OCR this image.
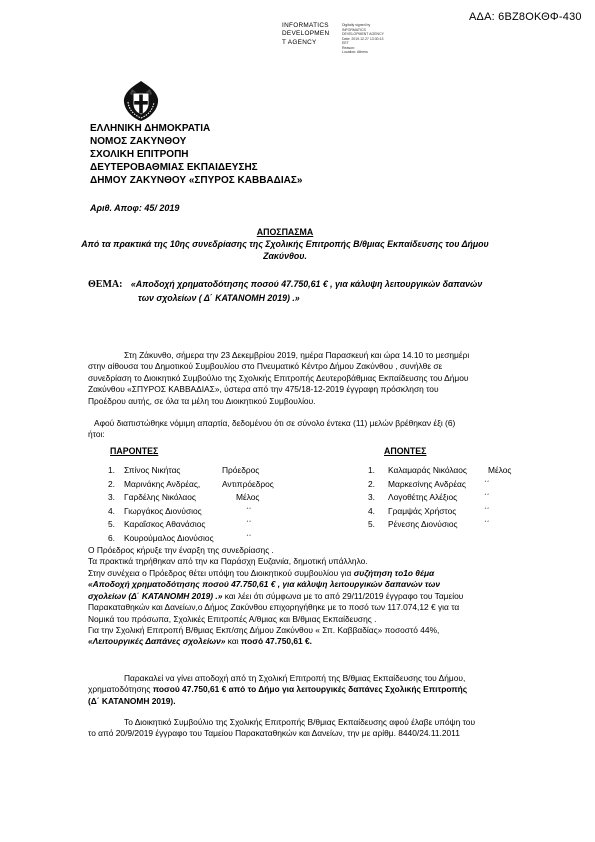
ΑΔΑ: 6ΒΖ8ΟΚΘΦ-430
INFORMATICS
DEVELOPMEN
T AGENCY
Digitally signed by
INFORMATICS
DEVELOPMENT AGENCY
Date: 2019.12.27 13:30:13
EET
Reason:
Location: Athens
ΕΛΛΗΝΙΚΗ ΔΗΜΟΚΡΑΤΙΑ
ΝΟΜΟΣ ΖΑΚΥΝΘΟΥ
ΣΧΟΛΙΚΗ ΕΠΙΤΡΟΠΗ
ΔΕΥΤΕΡΟΒΑΘΜΙΑΣ ΕΚΠΑΙΔΕΥΣΗΣ
ΔΗΜΟΥ ΖΑΚΥΝΘΟΥ «ΣΠΥΡΟΣ ΚΑΒΒΑΔΙΑΣ»
Αριθ. Απoφ: 45/ 2019
ΑΠΟΣΠΑΣΜΑ
Από τα πρακτικά της 10ης συνεδρίασης της Σχολικής Επιτροπής Β/θμιας Εκπαίδευσης του Δήμου
Ζακύνθου.
ΘΕΜΑ: «Αποδοχή χρηματοδότησης ποσού 47.750,61 € , για κάλυψη λειτουργικών δαπανών
των σχολείων ( Δ΄ ΚΑΤΑΝΟΜΗ 2019) .»
Στη Ζάκυνθο, σήμερα την 23 Δεκεμβρίου 2019, ημέρα Παρασκευή και ώρα 14.10 το μεσημέρι
στην αίθουσα του Δημοτικού Συμβουλίου στο Πνευματικό Κέντρο Δήμου Ζακύνθου , συνήλθε σε
συνεδρίαση το Διοικητικό Συμβούλιο της Σχολικής Επιτροπής Δευτεροβάθμιας Εκπαίδευσης του Δήμου
Ζακύνθου «ΣΠΥΡΟΣ ΚΑΒΒΑΔΙΑΣ», ύστερα από την 475/18-12-2019 έγγραφη πρόσκληση του
Προέδρου αυτής, σε όλα τα μέλη του Διοικητικού Συμβουλίου.
Αφού διαπιστώθηκε νόμιμη απαρτία, δεδομένου ότι σε σύνολο έντεκα (11) μελών βρέθηκαν έξι (6)
ήτοι:
ΠΑΡΟΝΤΕΣ	ΑΠΟΝΤΕΣ
1. Σπίνος Νικήτας	Πρόεδρος
2. Μαρινάκης Ανδρέας,	Αντιπρόεδρος
3. Γαρδέλης Νικόλαος	Μέλος
4. Γιωργάκος Διονύσιος	΄΄
5. Καραΐσκος Αθανάσιος	΄΄
6. Κουρούμαλος Διονύσιος	΄΄
1. Καλαμαράς Νικόλαος	Μέλος
2. Μαρκεσίνης Ανδρέας ΄΄
3. Λογοθέτης Αλέξιος	΄΄
4. Γραμψάς Χρήστος	΄΄
5. Ρένεσης Διονύσιος	΄΄
Ο Πρόεδρος κήρυξε την έναρξη της συνεδρίασης .
Τα πρακτικά τηρήθηκαν από την κα Παράσχη Ευζανιία, δημοτική υπάλληλο.
Στην συνέχεια ο Πρόεδρος θέτει υπόψη του Διοικητικού συμβουλίου για συζήτηση το1ο θέμα
«Αποδοχή χρηματοδότησης ποσού 47.750,61 € , για κάλυψη λειτουργικών δαπανών των
σχολείων (Δ΄ ΚΑΤΑΝΟΜΗ 2019) .» και λέει ότι σύμφωνα με το από 29/11/2019 έγγραφο του Ταμείου
Παρακαταθηκών και Δανείων,ο Δήμος Ζακύνθου επιχορηγήθηκε με το ποσό των 117.074,12 € για τα
Νομικά του πρόσωπα, Σχολικές Επιτροπές Α/θμιας και Β/θμιας Εκπαίδευσης .
Για την Σχολική Επιτροπή Β/θμιας Εκπ/σης Δήμου Ζακύνθου « Σπ. Καββαδίας» ποσοστό 44%,
«Λειτουργικές Δαπάνες σχολείων» και ποσό 47.750,61 €.
Παρακαλεί να γίνει αποδοχή από τη Σχολική Επιτροπή της Β/θμιας Εκπαίδευσης του Δήμου,
χρηματοδότησης ποσού 47.750,61 € από το Δήμο για λειτουργικές δαπάνες Σχολικής Επιτροπής
(Δ΄ ΚΑΤΑΝΟΜΗ 2019).
Το Διοικητικό Συμβούλιο της Σχολικής Επιτροπής Β/θμιας Εκπαίδευσης αφού έλαβε υπόψη του
το από 20/9/2019 έγγραφο του Ταμείου Παρακαταθηκών και Δανείων, την με αρίθμ. 8440/24.11.2011
